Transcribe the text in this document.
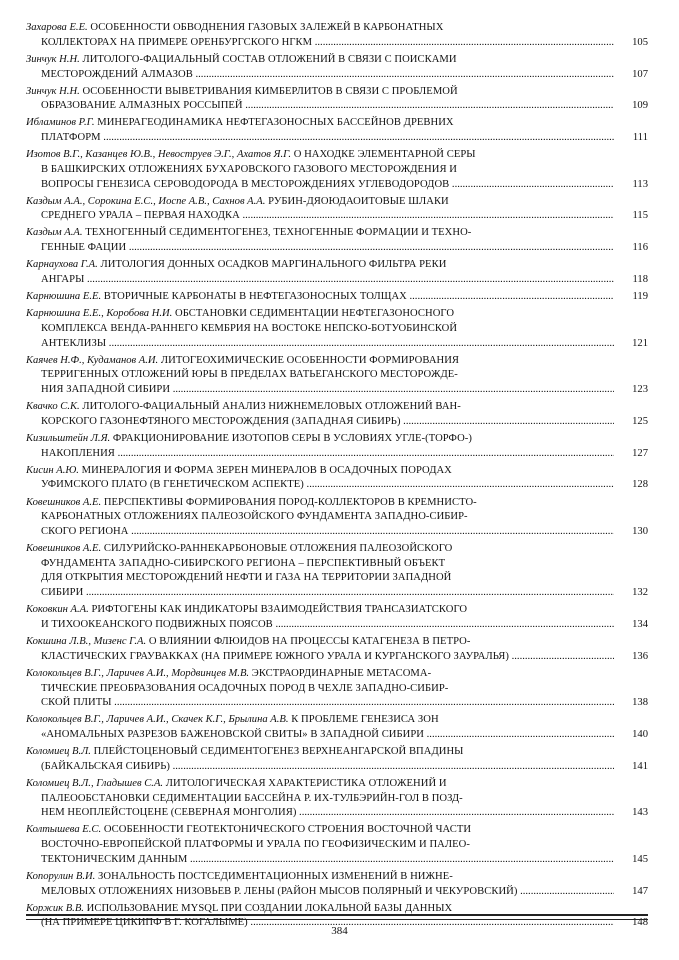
Захарова Е.Е. ОСОБЕННОСТИ ОБВОДНЕНИЯ ГАЗОВЫХ ЗАЛЕЖЕЙ В КАРБОНАТНЫХ
КОЛЛЕКТОРАХ НА ПРИМЕРЕ ОРЕНБУРГСКОГО НГКМ .....	105
Зинчук Н.Н. ЛИТОЛОГО-ФАЦИАЛЬНЫЙ СОСТАВ ОТЛОЖЕНИЙ В СВЯЗИ С ПОИСКАМИ
МЕСТОРОЖДЕНИЙ АЛМАЗОВ .....	107
Зинчук Н.Н. ОСОБЕННОСТИ ВЫВЕТРИВАНИЯ КИМБЕРЛИТОВ В СВЯЗИ С ПРОБЛЕМОЙ
ОБРАЗОВАНИЕ АЛМАЗНЫХ РОССЫПЕЙ .....	109
Ибламинов Р.Г. МИНЕРАГЕОДИНАМИКА НЕФТЕГАЗОНОСНЫХ БАССЕЙНОВ ДРЕВНИХ
ПЛАТФОРМ .....	111
Изотов В.Г., Казанцев Ю.В., Невоструев Э.Г., Ахатов Я.Г. О НАХОДКЕ ЭЛЕМЕНТАРНОЙ СЕРЫ
В БАШКИРСКИХ ОТЛОЖЕНИЯХ БУХАРОВСКОГО ГАЗОВОГО МЕСТОРОЖДЕНИЯ И
ВОПРОСЫ ГЕНЕЗИСА СЕРОВОДОРОДА В МЕСТОРОЖДЕНИЯХ УГЛЕВОДОРОДОВ .....	113
Каздым А.А., Сорокина Е.С., Иоспе А.В., Сахнов А.А. РУБИН-ДЯОЮДАОИТОВЫЕ ШЛАКИ
СРЕДНЕГО УРАЛА – ПЕРВАЯ НАХОДКА .....	115
Каздым А.А. ТЕХНОГЕННЫЙ СЕДИМЕНТОГЕНЕЗ, ТЕХНОГЕННЫЕ ФОРМАЦИИ И ТЕХНО-
ГЕННЫЕ ФАЦИИ .....	116
Карнаухова Г.А. ЛИТОЛОГИЯ ДОННЫХ ОСАДКОВ МАРГИНАЛЬНОГО ФИЛЬТРА РЕКИ
АНГАРЫ .....	118
Карнюшина Е.Е. ВТОРИЧНЫЕ КАРБОНАТЫ В НЕФТЕГАЗОНОСНЫХ ТОЛЩАХ .....	119
Карнюшина Е.Е., Коробова Н.И. ОБСТАНОВКИ СЕДИМЕНТАЦИИ НЕФТЕГАЗОНОСНОГО
КОМПЛЕКСА ВЕНДА-РАННЕГО КЕМБРИЯ НА ВОСТОКЕ НЕПСКО-БОТУОБИНСКОЙ
АНТЕКЛИЗЫ .....	121
Каячев Н.Ф., Кудаманов А.И. ЛИТОГЕОХИМИЧЕСКИЕ ОСОБЕННОСТИ ФОРМИРОВАНИЯ
ТЕРРИГЕННЫХ ОТЛОЖЕНИЙ ЮРЫ В ПРЕДЕЛАХ ВАТЬЕГАНСКОГО МЕСТОРОЖДЕ-
НИЯ ЗАПАДНОЙ СИБИРИ .....	123
Квачко С.К. ЛИТОЛОГО-ФАЦИАЛЬНЫЙ АНАЛИЗ НИЖНЕМЕЛОВЫХ ОТЛОЖЕНИЙ ВАН-
КОРСКОГО ГАЗОНЕФТЯНОГО МЕСТОРОЖДЕНИЯ (ЗАПАДНАЯ СИБИРЬ) .....	125
Кизильштейн Л.Я. ФРАКЦИОНИРОВАНИЕ ИЗОТОПОВ СЕРЫ В УСЛОВИЯХ УГЛЕ-(ТОРФО-)
НАКОПЛЕНИЯ .....	127
Кисин А.Ю. МИНЕРАЛОГИЯ И ФОРМА ЗЕРЕН МИНЕРАЛОВ В ОСАДОЧНЫХ ПОРОДАХ
УФИМСКОГО ПЛАТО (В ГЕНЕТИЧЕСКОМ АСПЕКТЕ) .....	128
Ковешников А.Е. ПЕРСПЕКТИВЫ ФОРМИРОВАНИЯ ПОРОД-КОЛЛЕКТОРОВ В КРЕМНИСТО-
КАРБОНАТНЫХ ОТЛОЖЕНИЯХ ПАЛЕОЗОЙСКОГО ФУНДАМЕНТА ЗАПАДНО-СИБИР-
СКОГО РЕГИОНА .....	130
Ковешников А.Е. СИЛУРИЙСКО-РАННЕКАРБОНОВЫЕ ОТЛОЖЕНИЯ ПАЛЕОЗОЙСКОГО
ФУНДАМЕНТА ЗАПАДНО-СИБИРСКОГО РЕГИОНА – ПЕРСПЕКТИВНЫЙ ОБЪЕКТ
ДЛЯ ОТКРЫТИЯ МЕСТОРОЖДЕНИЙ НЕФТИ И ГАЗА НА ТЕРРИТОРИИ ЗАПАДНОЙ
СИБИРИ .....	132
Коковкин А.А. РИФТОГЕНЫ КАК ИНДИКАТОРЫ ВЗАИМОДЕЙСТВИЯ ТРАНСАЗИАТСКОГО
И ТИХООКЕАНСКОГО ПОДВИЖНЫХ ПОЯСОВ .....	134
Кокшина Л.В., Мизенс Г.А. О ВЛИЯНИИ ФЛЮИДОВ НА ПРОЦЕССЫ КАТАГЕНЕЗА В ПЕТРО-
КЛАСТИЧЕСКИХ ГРАУВАККАХ (НА ПРИМЕРЕ ЮЖНОГО УРАЛА И КУРГАНСКОГО ЗАУРАЛЬЯ) .....	136
Колокольцев В.Г., Ларичев А.И., Мордвинцев М.В. ЭКСТРАОРДИНАРНЫЕ МЕТАСОМА-
ТИЧЕСКИЕ ПРЕОБРАЗОВАНИЯ ОСАДОЧНЫХ ПОРОД В ЧЕХЛЕ ЗАПАДНО-СИБИР-
СКОЙ ПЛИТЫ .....	138
Колокольцев В.Г., Ларичев А.И., Скачек К.Г., Брылина А.В. К ПРОБЛЕМЕ ГЕНЕЗИСА ЗОН
«АНОМАЛЬНЫХ РАЗРЕЗОВ БАЖЕНОВСКОЙ СВИТЫ» В ЗАПАДНОЙ СИБИРИ .....	140
Коломиец В.Л. ПЛЕЙСТОЦЕНОВЫЙ СЕДИМЕНТОГЕНЕЗ ВЕРХНЕАНГАРСКОЙ ВПАДИНЫ
(БАЙКАЛЬСКАЯ СИБИРЬ) .....	141
Коломиец В.Л., Гладышев С.А. ЛИТОЛОГИЧЕСКАЯ ХАРАКТЕРИСТИКА ОТЛОЖЕНИЙ И
ПАЛЕООБСТАНОВКИ СЕДИМЕНТАЦИИ БАССЕЙНА Р. ИХ-ТУЛБЭРИЙН-ГОЛ В ПОЗД-
НЕМ НЕОПЛЕЙСТОЦЕНЕ (СЕВЕРНАЯ МОНГОЛИЯ) .....	143
Колтышева Е.С. ОСОБЕННОСТИ ГЕОТЕКТОНИЧЕСКОГО СТРОЕНИЯ ВОСТОЧНОЙ ЧАСТИ
ВОСТОЧНО-ЕВРОПЕЙСКОЙ ПЛАТФОРМЫ И УРАЛА ПО ГЕОФИЗИЧЕСКИМ И ПАЛЕО-
ТЕКТОНИЧЕСКИМ ДАННЫМ .....	145
Копорулин В.И. ЗОНАЛЬНОСТЬ ПОСТСЕДИМЕНТАЦИОННЫХ ИЗМЕНЕНИЙ В НИЖНЕ-
МЕЛОВЫХ ОТЛОЖЕНИЯХ НИЗОВЬЕВ Р. ЛЕНЫ (РАЙОН МЫСОВ ПОЛЯРНЫЙ И ЧЕКУРОВСКИЙ) .....	147
Коржик В.В. ИСПОЛЬЗОВАНИЕ MYSQL ПРИ СОЗДАНИИ ЛОКАЛЬНОЙ БАЗЫ ДАННЫХ
(НА ПРИМЕРЕ ЦИКИПФ В Г. КОГАЛЫМЕ) .....	148
384
